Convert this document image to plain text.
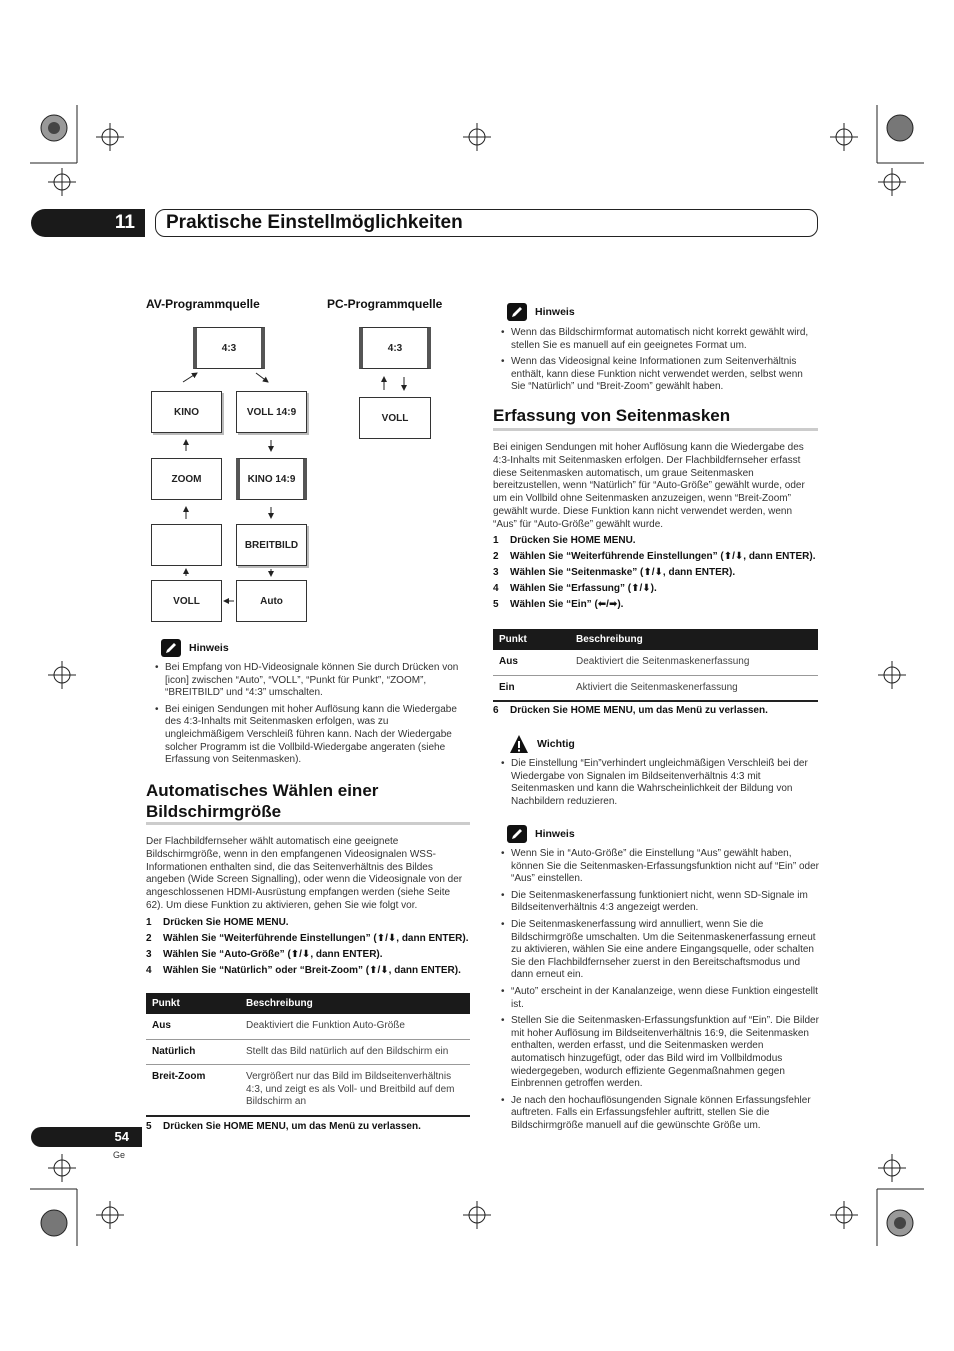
11	Praktische Einstellmöglichkeiten
AV-Programmquelle	PC-Programmquelle
4:3
KINO	VOLL 14:9
ZOOM	KINO 14:9
BREITBILD
VOLL	Auto
4:3
VOLL
Hinweis
• Bei Empfang von HD-Videosignale können Sie durch Drücken von [icon] zwischen “Auto”, “VOLL”, “Punkt für Punkt”, “ZOOM”, “BREITBILD” und “4:3” umschalten.
• Bei einigen Sendungen mit hoher Auflösung kann die Wiedergabe des 4:3-Inhalts mit Seitenmasken erfolgen, was zu ungleichmäßigem Verschleiß führen kann. Nach der Wiedergabe solcher Programm ist die Vollbild-Wiedergabe angeraten (siehe Erfassung von Seitenmasken).
Automatisches Wählen einer
Bildschirmgröße
Der Flachbildfernseher wählt automatisch eine geeignete Bildschirmgröße, wenn in den empfangenen Videosignalen WSS-Informationen enthalten sind, die das Seitenverhältnis des Bildes angeben (Wide Screen Signalling), oder wenn die Videosignale von der angeschlossenen HDMI-Ausrüstung empfangen werden (siehe Seite 62). Um diese Funktion zu aktivieren, gehen Sie wie folgt vor.
1 Drücken Sie HOME MENU.
2 Wählen Sie “Weiterführende Einstellungen” (⬆/⬇, dann ENTER).
3 Wählen Sie “Auto-Größe” (⬆/⬇, dann ENTER).
4 Wählen Sie “Natürlich” oder “Breit-Zoom” (⬆/⬇, dann ENTER).
Punkt	Beschreibung
Aus	Deaktiviert die Funktion Auto-Größe
Natürlich	Stellt das Bild natürlich auf den Bildschirm ein
Breit-Zoom	Vergrößert nur das Bild im Bildseitenverhältnis 4:3, und zeigt es als Voll- und Breitbild auf dem Bildschirm an
5 Drücken Sie HOME MENU, um das Menü zu verlassen.
Hinweis
• Wenn das Bildschirmformat automatisch nicht korrekt gewählt wird, stellen Sie es manuell auf ein geeignetes Format um.
• Wenn das Videosignal keine Informationen zum Seitenverhältnis enthält, kann diese Funktion nicht verwendet werden, selbst wenn Sie “Natürlich” und “Breit-Zoom” gewählt haben.
Erfassung von Seitenmasken
Bei einigen Sendungen mit hoher Auflösung kann die Wiedergabe des 4:3-Inhalts mit Seitenmasken erfolgen. Der Flachbildfernseher erfasst diese Seitenmasken automatisch, um graue Seitenmasken bereitzustellen, wenn “Natürlich” für “Auto-Größe” gewählt wurde, oder um ein Vollbild ohne Seitenmasken anzuzeigen, wenn “Breit-Zoom” gewählt wurde. Diese Funktion kann nicht verwendet werden, wenn “Aus” für “Auto-Größe” gewählt wurde.
1 Drücken Sie HOME MENU.
2 Wählen Sie “Weiterführende Einstellungen” (⬆/⬇, dann ENTER).
3 Wählen Sie “Seitenmaske” (⬆/⬇, dann ENTER).
4 Wählen Sie “Erfassung” (⬆/⬇).
5 Wählen Sie “Ein” (⬅/➡).
Punkt	Beschreibung
Aus	Deaktiviert die Seitenmaskenerfassung
Ein	Aktiviert die Seitenmaskenerfassung
6 Drücken Sie HOME MENU, um das Menü zu verlassen.
Wichtig
• Die Einstellung “Ein”verhindert ungleichmäßigen Verschleiß bei der Wiedergabe von Signalen im Bildseitenverhältnis 4:3 mit Seitenmasken und kann die Wahrscheinlichkeit der Bildung von Nachbildern reduzieren.
Hinweis
• Wenn Sie in “Auto-Größe” die Einstellung “Aus” gewählt haben, können Sie die Seitenmasken-Erfassungsfunktion nicht auf “Ein” oder “Aus” einstellen.
• Die Seitenmaskenerfassung funktioniert nicht, wenn SD-Signale im Bildseitenverhältnis 4:3 angezeigt werden.
• Die Seitenmaskenerfassung wird annulliert, wenn Sie die Bildschirmgröße umschalten. Um die Seitenmaskenerfassung erneut zu aktivieren, wählen Sie eine andere Eingangsquelle, oder schalten Sie den Flachbildfernseher zuerst in den Bereitschaftsmodus und dann erneut ein.
• “Auto” erscheint in der Kanalanzeige, wenn diese Funktion eingestellt ist.
• Stellen Sie die Seitenmasken-Erfassungsfunktion auf “Ein”. Die Bilder mit hoher Auflösung im Bildseitenverhältnis 16:9, die Seitenmasken enthalten, werden erfasst, und die Seitenmasken werden automatisch hinzugefügt, oder das Bild wird im Vollbildmodus wiedergegeben, wodurch effiziente Gegenmaßnahmen gegen Einbrennen getroffen werden.
• Je nach den hochauflösungenden Signale können Erfassungsfehler auftreten. Falls ein Erfassungsfehler auftritt, stellen Sie die Bildschirmgröße manuell auf die gewünschte Größe um.
54
Ge
